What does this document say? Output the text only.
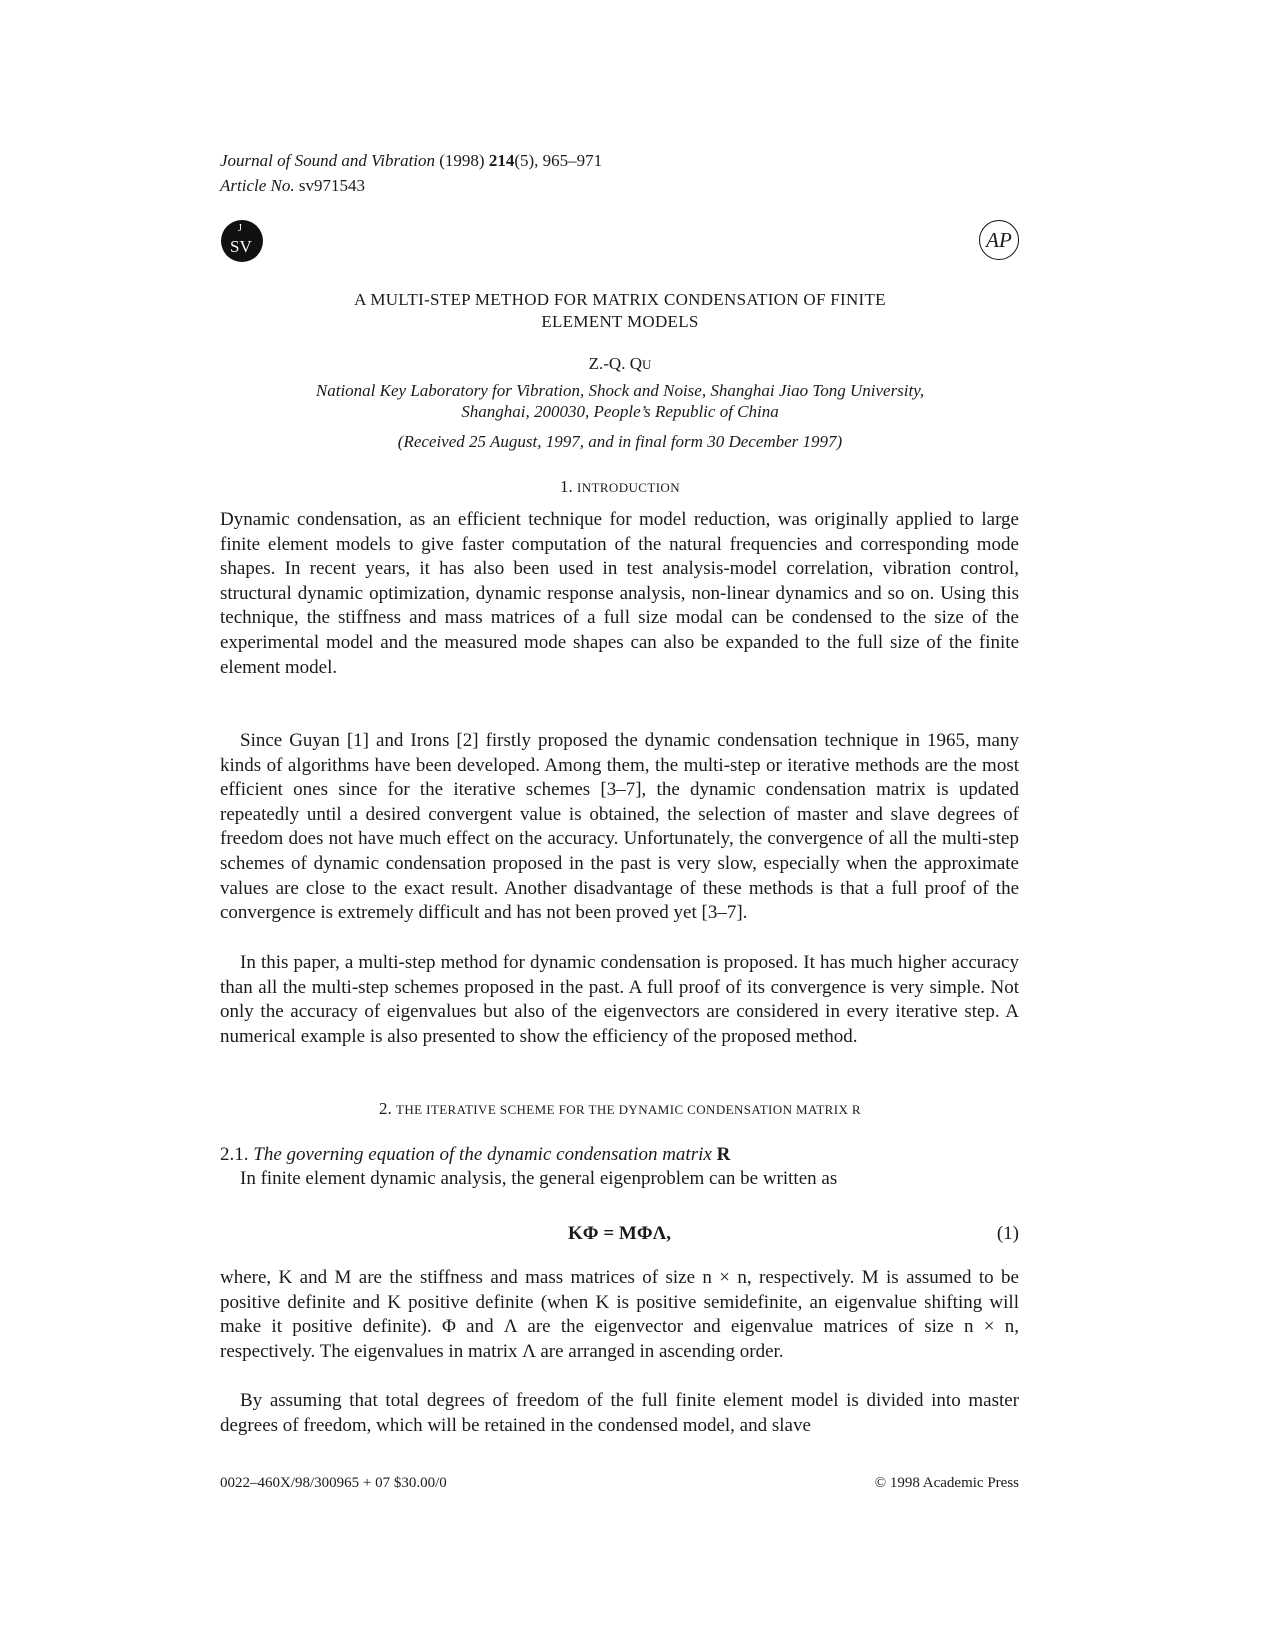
Journal of Sound and Vibration (1998) 214(5), 965–971
Article No. sv971543
J
SV	AP
A MULTI-STEP METHOD FOR MATRIX CONDENSATION OF FINITE
ELEMENT MODELS
Z.-Q. QU
National Key Laboratory for Vibration, Shock and Noise, Shanghai Jiao Tong University,
Shanghai, 200030, People’s Republic of China
(Received 25 August, 1997, and in final form 30 December 1997)
1. INTRODUCTION

Dynamic condensation, as an efficient technique for model reduction, was originally applied to large finite element models to give faster computation of the natural frequencies and corresponding mode shapes. In recent years, it has also been used in test analysis-model correlation, vibration control, structural dynamic optimization, dynamic response analysis, non-linear dynamics and so on. Using this technique, the stiffness and mass matrices of a full size modal can be condensed to the size of the experimental model and the measured mode shapes can also be expanded to the full size of the finite element model.

Since Guyan [1] and Irons [2] firstly proposed the dynamic condensation technique in 1965, many kinds of algorithms have been developed. Among them, the multi-step or iterative methods are the most efficient ones since for the iterative schemes [3–7], the dynamic condensation matrix is updated repeatedly until a desired convergent value is obtained, the selection of master and slave degrees of freedom does not have much effect on the accuracy. Unfortunately, the convergence of all the multi-step schemes of dynamic condensation proposed in the past is very slow, especially when the approximate values are close to the exact result. Another disadvantage of these methods is that a full proof of the convergence is extremely difficult and has not been proved yet [3–7].

In this paper, a multi-step method for dynamic condensation is proposed. It has much higher accuracy than all the multi-step schemes proposed in the past. A full proof of its convergence is very simple. Not only the accuracy of eigenvalues but also of the eigenvectors are considered in every iterative step. A numerical example is also presented to show the efficiency of the proposed method.

2. THE ITERATIVE SCHEME FOR THE DYNAMIC CONDENSATION MATRIX R
2.1. The governing equation of the dynamic condensation matrix R

In finite element dynamic analysis, the general eigenproblem can be written as

KΦ = MΦΛ,	(1)

where, K and M are the stiffness and mass matrices of size n × n, respectively. M is assumed to be positive definite and K positive definite (when K is positive semidefinite, an eigenvalue shifting will make it positive definite). Φ and Λ are the eigenvector and eigenvalue matrices of size n × n, respectively. The eigenvalues in matrix Λ are arranged in ascending order.

By assuming that total degrees of freedom of the full finite element model is divided into master degrees of freedom, which will be retained in the condensed model, and slave

0022–460X/98/300965 + 07 $30.00/0	© 1998 Academic Press
